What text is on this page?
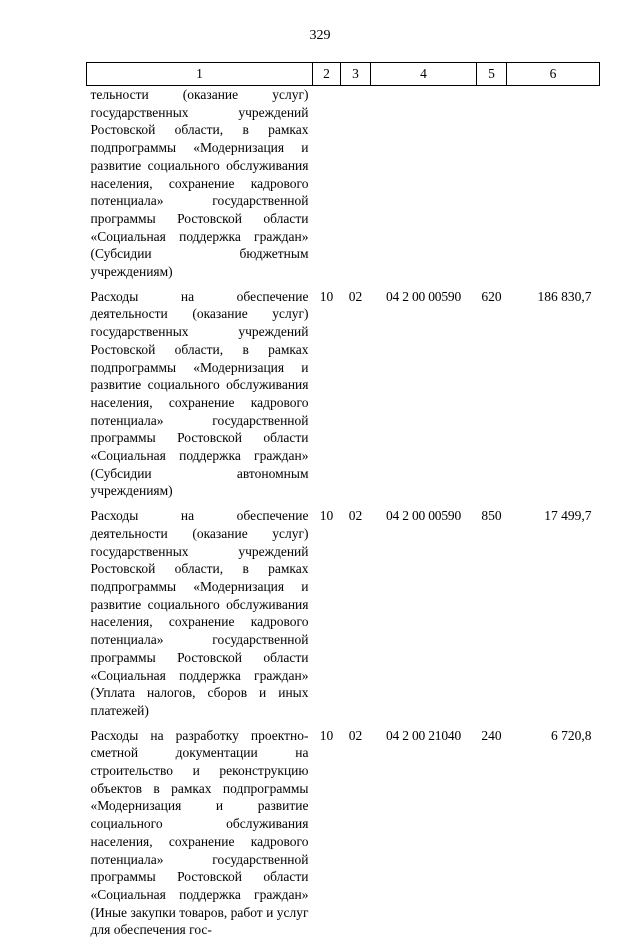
329
1	2	3	4	5	6
тельности (оказание услуг) государственных учреждений Ростовской области, в рамках подпрограммы «Модернизация и развитие социального обслуживания населения, сохранение кадрового потенциала» государственной программы Ростовской области «Социальная поддержка граждан» (Субсидии бюджетным учреждениям)					
Расходы на обеспечение деятельности (оказание услуг) государственных учреждений Ростовской области, в рамках подпрограммы «Модернизация и развитие социального обслуживания населения, сохранение кадрового потенциала» государственной программы Ростовской области «Социальная поддержка граждан» (Субсидии автономным учреждениям)	10	02	04 2 00 00590	620	186 830,7
Расходы на обеспечение деятельности (оказание услуг) государственных учреждений Ростовской области, в рамках подпрограммы «Модернизация и развитие социального обслуживания населения, сохранение кадрового потенциала» государственной программы Ростовской области «Социальная поддержка граждан» (Уплата налогов, сборов и иных платежей)	10	02	04 2 00 00590	850	17 499,7
Расходы на разработку проектно-сметной документации на строительство и реконструкцию объектов в рамках подпрограммы «Модернизация и развитие социального обслуживания населения, сохранение кадрового потенциала» государственной программы Ростовской области «Социальная поддержка граждан» (Иные закупки товаров, работ и услуг для обеспечения гос-	10	02	04 2 00 21040	240	6 720,8
